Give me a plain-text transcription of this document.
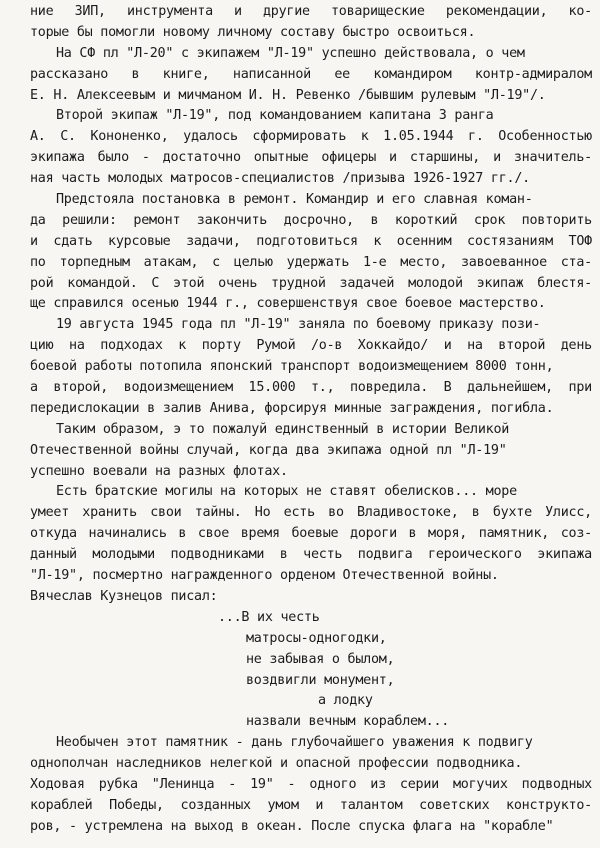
ние ЗИП, инструмента и другие товарищеские рекомендации, ко-
торые бы помогли новому личному составу быстро освоиться.
На СФ пл "Л-20" с экипажем "Л-19" успешно действовала, о чем
рассказано в книге, написанной ее командиром контр-адмиралом
Е. Н. Алексеевым и мичманом И. Н. Ревенко /бывшим рулевым "Л-19"/.
Второй экипаж "Л-19", под командованием капитана 3 ранга
А. С. Кононенко, удалось сформировать к 1.05.1944 г. Особенностью
экипажа было - достаточно опытные офицеры и старшины, и значитель-
ная часть молодых матросов-специалистов /призыва 1926-1927 гг./.
Предстояла постановка в ремонт. Командир и его славная коман-
да решили: ремонт закончить досрочно, в короткий срок повторить
и сдать курсовые задачи, подготовиться к осенним состязаниям ТОФ
по торпедным атакам, с целью удержать 1-е место, завоеванное ста-
рой командой. С этой очень трудной задачей молодой экипаж блестя-
ще справился осенью 1944 г., совершенствуя свое боевое мастерство.
19 августа 1945 года пл "Л-19" заняла по боевому приказу пози-
цию на подходах к порту Румой /о-в Хоккайдо/ и на второй день
боевой работы потопила японский транспорт водоизмещением 8000 тонн,
а второй, водоизмещением 15.000 т., повредила. В дальнейшем, при
передислокации в залив Анива, форсируя минные заграждения, погибла.
Таким образом, э то пожалуй единственный в истории Великой
Отечественной войны случай, когда два экипажа одной пл "Л-19"
успешно воевали на разных флотах.
Есть братские могилы на которых не ставят обелисков... море
умеет хранить свои тайны. Но есть во Владивостоке, в бухте Улисс,
откуда начинались в свое время боевые дороги в моря, памятник, соз-
данный молодыми подводниками в честь подвига героического экипажа
"Л-19", посмертно награжденного орденом Отечественной войны.
Вячеслав Кузнецов писал:
...В их честь
матросы-одногодки,
не забывая о былом,
воздвигли монумент,
а лодку
назвали вечным кораблем...
Необычен этот памятник - дань глубочайшего уважения к подвигу
однополчан наследников нелегкой и опасной профессии подводника.
Ходовая рубка "Ленинца - 19" - одного из серии могучих подводных
кораблей Победы, созданных умом и талантом советских конструкто-
ров, - устремлена на выход в океан. После спуска флага на "корабле"
